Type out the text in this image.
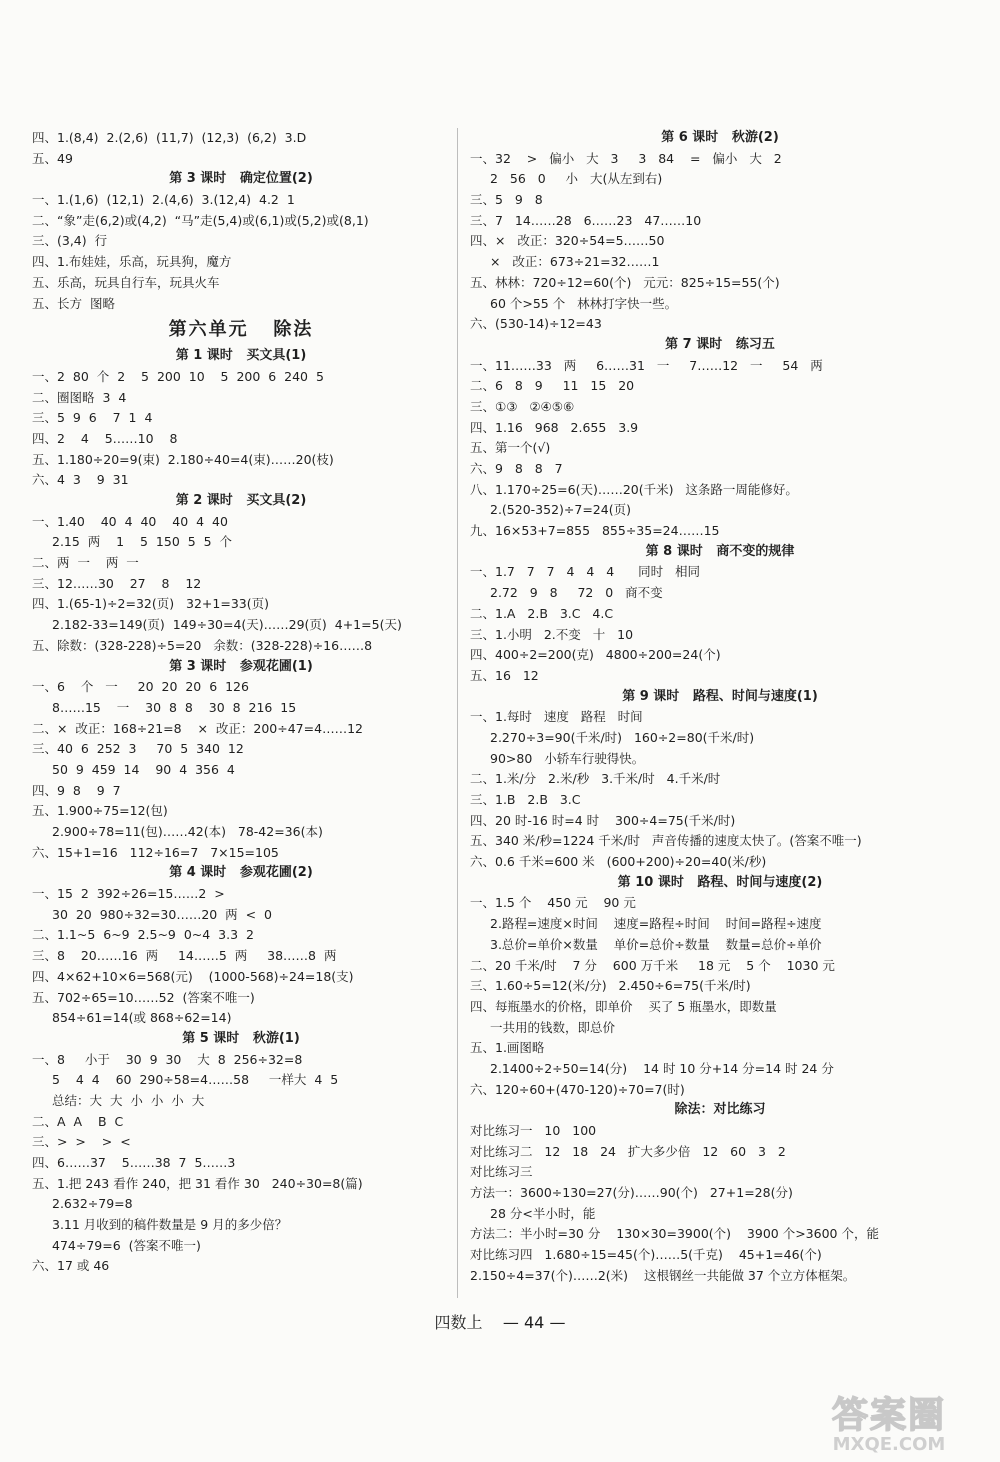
四、1.(8,4)  2.(2,6)  (11,7)  (12,3)  (6,2)  3.D
五、49
第 3 课时   确定位置(2)
一、1.(1,6)  (12,1)  2.(4,6)  3.(12,4)  4.2  1
二、“象”走(6,2)或(4,2)  “马”走(5,4)或(6,1)或(5,2)或(8,1)
三、(3,4)  行
四、1.布娃娃，乐高，玩具狗，魔方
五、乐高，玩具自行车，玩具火车
五、长方  图略
第六单元   除法
第 1 课时   买文具(1)
一、2  80  个  2    5  200  10    5  200  6  240  5
二、圈图略  3  4
三、5  9  6    7  1  4
四、2    4    5……10    8
五、1.180÷20=9(束)  2.180÷40=4(束)……20(枝)
六、4  3    9  31
第 2 课时   买文具(2)
一、1.40    40  4  40    40  4  40
2.15  两    1    5  150  5  5  个
二、两  一    两  一
三、12……30    27    8    12
四、1.(65-1)÷2=32(页)   32+1=33(页)
2.182-33=149(页)  149÷30=4(天)……29(页)  4+1=5(天)
五、除数：(328-228)÷5=20   余数：(328-228)÷16……8
第 3 课时   参观花圃(1)
一、6    个   一     20  20  20  6  126
8……15    一    30  8  8    30  8  216  15
二、×  改正：168÷21=8    ×  改正：200÷47=4……12
三、40  6  252  3     70  5  340  12
50  9  459  14    90  4  356  4
四、9  8    9  7
五、1.900÷75=12(包)
2.900÷78=11(包)……42(本)   78-42=36(本)
六、15+1=16   112÷16=7   7×15=105
第 4 课时   参观花圃(2)
一、15  2  392÷26=15……2  >
30  20  980÷32=30……20  两  <  0
二、1.1~5  6~9  2.5~9  0~4  3.3  2
三、8    20……16  两     14……5  两     38……8  两
四、4×62+10×6=568(元)    (1000-568)÷24=18(支)
五、702÷65=10……52  (答案不唯一)
854÷61=14(或 868÷62=14)
第 5 课时   秋游(1)
一、8     小于    30  9  30    大  8  256÷32=8
5    4  4    60  290÷58=4……58     一样大  4  5
总结：大  大  小  小  小  大
二、A  A    B  C
三、>  >    >  <
四、6……37    5……38  7  5……3
五、1.把 243 看作 240，把 31 看作 30   240÷30=8(篇)
2.632÷79=8
3.11 月收到的稿件数量是 9 月的多少倍？
474÷79=6  (答案不唯一)
六、17 或 46
第 6 课时   秋游(2)
一、32    >   偏小   大   3     3   84    =   偏小   大   2
2   56   0     小   大(从左到右)
三、5   9   8
三、7   14……28   6……23   47……10
四、×   改正：320÷54=5……50
×   改正：673÷21=32……1
五、林林：720÷12=60(个)   元元：825÷15=55(个)
60 个>55 个   林林打字快一些。
六、(530-14)÷12=43
第 7 课时   练习五
一、11……33   两     6……31   一     7……12   一     54   两
二、6   8   9     11   15   20
三、①③   ②④⑤⑥
四、1.16   968   2.655   3.9
五、第一个(√)
六、9   8   8   7
八、1.170÷25=6(天)……20(千米)   这条路一周能修好。
2.(520-352)÷7=24(页)
九、16×53+7=855   855÷35=24……15
第 8 课时   商不变的规律
一、1.7   7   7   4   4   4      同时   相同
2.72   9   8     72   0   商不变
二、1.A   2.B   3.C   4.C
三、1.小明   2.不变   十   10
四、400÷2=200(克)   4800÷200=24(个)
五、16   12
第 9 课时   路程、时间与速度(1)
一、1.每时   速度   路程   时间
2.270÷3=90(千米/时)   160÷2=80(千米/时)
90>80   小轿车行驶得快。
二、1.米/分   2.米/秒   3.千米/时   4.千米/时
三、1.B   2.B   3.C
四、20 时-16 时=4 时    300÷4=75(千米/时)
五、340 米/秒=1224 千米/时   声音传播的速度太快了。(答案不唯一)
六、0.6 千米=600 米   (600+200)÷20=40(米/秒)
第 10 课时   路程、时间与速度(2)
一、1.5 个    450 元    90 元
2.路程=速度×时间    速度=路程÷时间    时间=路程÷速度
3.总价=单价×数量    单价=总价÷数量    数量=总价÷单价
二、20 千米/时    7 分    600 万千米     18 元    5 个    1030 元
三、1.60÷5=12(米/分)   2.450÷6=75(千米/时)
四、每瓶墨水的价格，即单价    买了 5 瓶墨水，即数量
一共用的钱数，即总价
五、1.画图略
2.1400÷2÷50=14(分)    14 时 10 分+14 分=14 时 24 分
六、120÷60+(470-120)÷70=7(时)
除法：对比练习
对比练习一   10   100
对比练习二   12   18   24   扩大多少倍   12   60   3   2
对比练习三
方法一：3600÷130=27(分)……90(个)   27+1=28(分)
28 分<半小时，能
方法二：半小时=30 分    130×30=3900(个)    3900 个>3600 个，能
对比练习四   1.680÷15=45(个)……5(千克)    45+1=46(个)
2.150÷4=37(个)……2(米)    这根钢丝一共能做 37 个立方体框架。
四数上 — 44 —
答案圈
MXQE.COM
